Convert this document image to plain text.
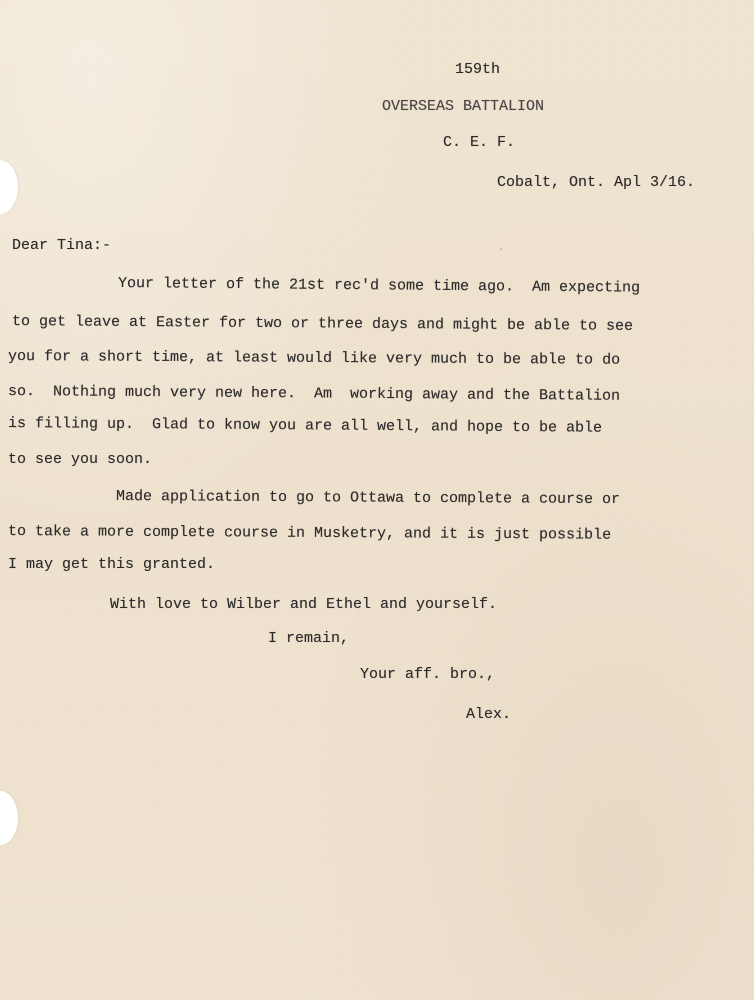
159th
OVERSEAS BATTALION
C. E. F.
Cobalt, Ont. Apl 3/16.
Dear Tina:-
Your letter of the 21st rec'd some time ago.  Am expecting
to get leave at Easter for two or three days and might be able to see
you for a short time, at least would like very much to be able to do
so.  Nothing much very new here.  Am  working away and the Battalion
is filling up.  Glad to know you are all well, and hope to be able
to see you soon.
Made application to go to Ottawa to complete a course or
to take a more complete course in Musketry, and it is just possible
I may get this granted.
With love to Wilber and Ethel and yourself.
I remain,
Your aff. bro.,
Alex.
